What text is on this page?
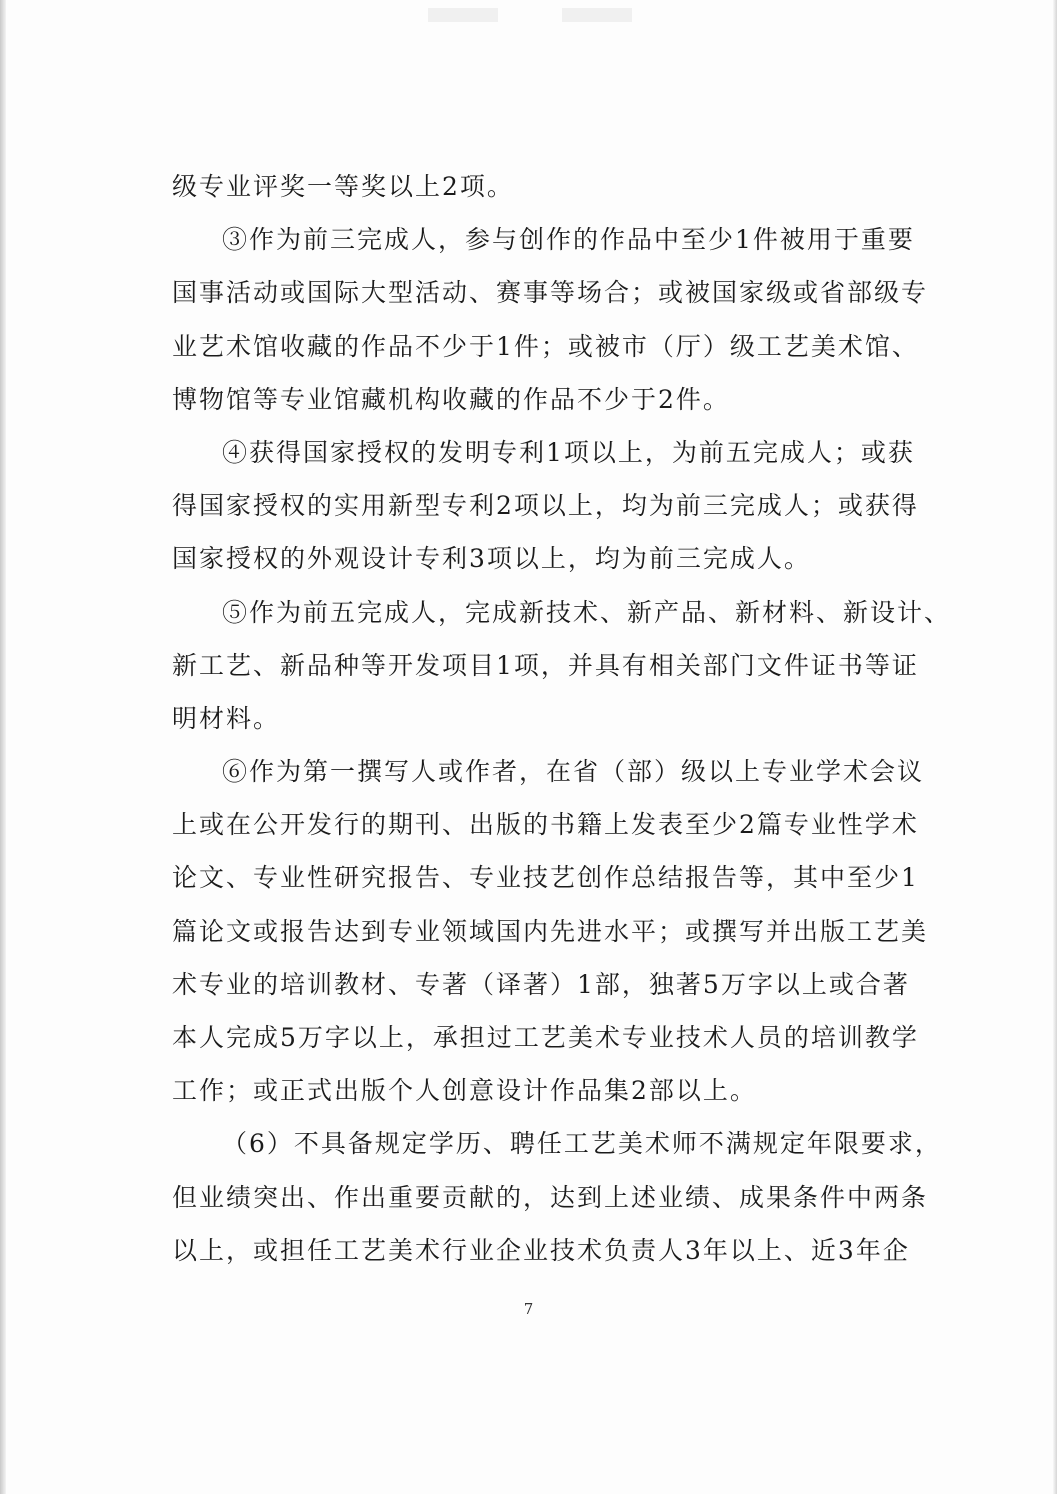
级专业评奖一等奖以上2项。
③作为前三完成人，参与创作的作品中至少1件被用于重要
国事活动或国际大型活动、赛事等场合；或被国家级或省部级专
业艺术馆收藏的作品不少于1件；或被市（厅）级工艺美术馆、
博物馆等专业馆藏机构收藏的作品不少于2件。
④获得国家授权的发明专利1项以上，为前五完成人；或获
得国家授权的实用新型专利2项以上，均为前三完成人；或获得
国家授权的外观设计专利3项以上，均为前三完成人。
⑤作为前五完成人，完成新技术、新产品、新材料、新设计、
新工艺、新品种等开发项目1项，并具有相关部门文件证书等证
明材料。
⑥作为第一撰写人或作者，在省（部）级以上专业学术会议
上或在公开发行的期刊、出版的书籍上发表至少2篇专业性学术
论文、专业性研究报告、专业技艺创作总结报告等，其中至少1
篇论文或报告达到专业领域国内先进水平；或撰写并出版工艺美
术专业的培训教材、专著（译著）1部，独著5万字以上或合著
本人完成5万字以上，承担过工艺美术专业技术人员的培训教学
工作；或正式出版个人创意设计作品集2部以上。
（6）不具备规定学历、聘任工艺美术师不满规定年限要求，
但业绩突出、作出重要贡献的，达到上述业绩、成果条件中两条
以上，或担任工艺美术行业企业技术负责人3年以上、近3年企
7
